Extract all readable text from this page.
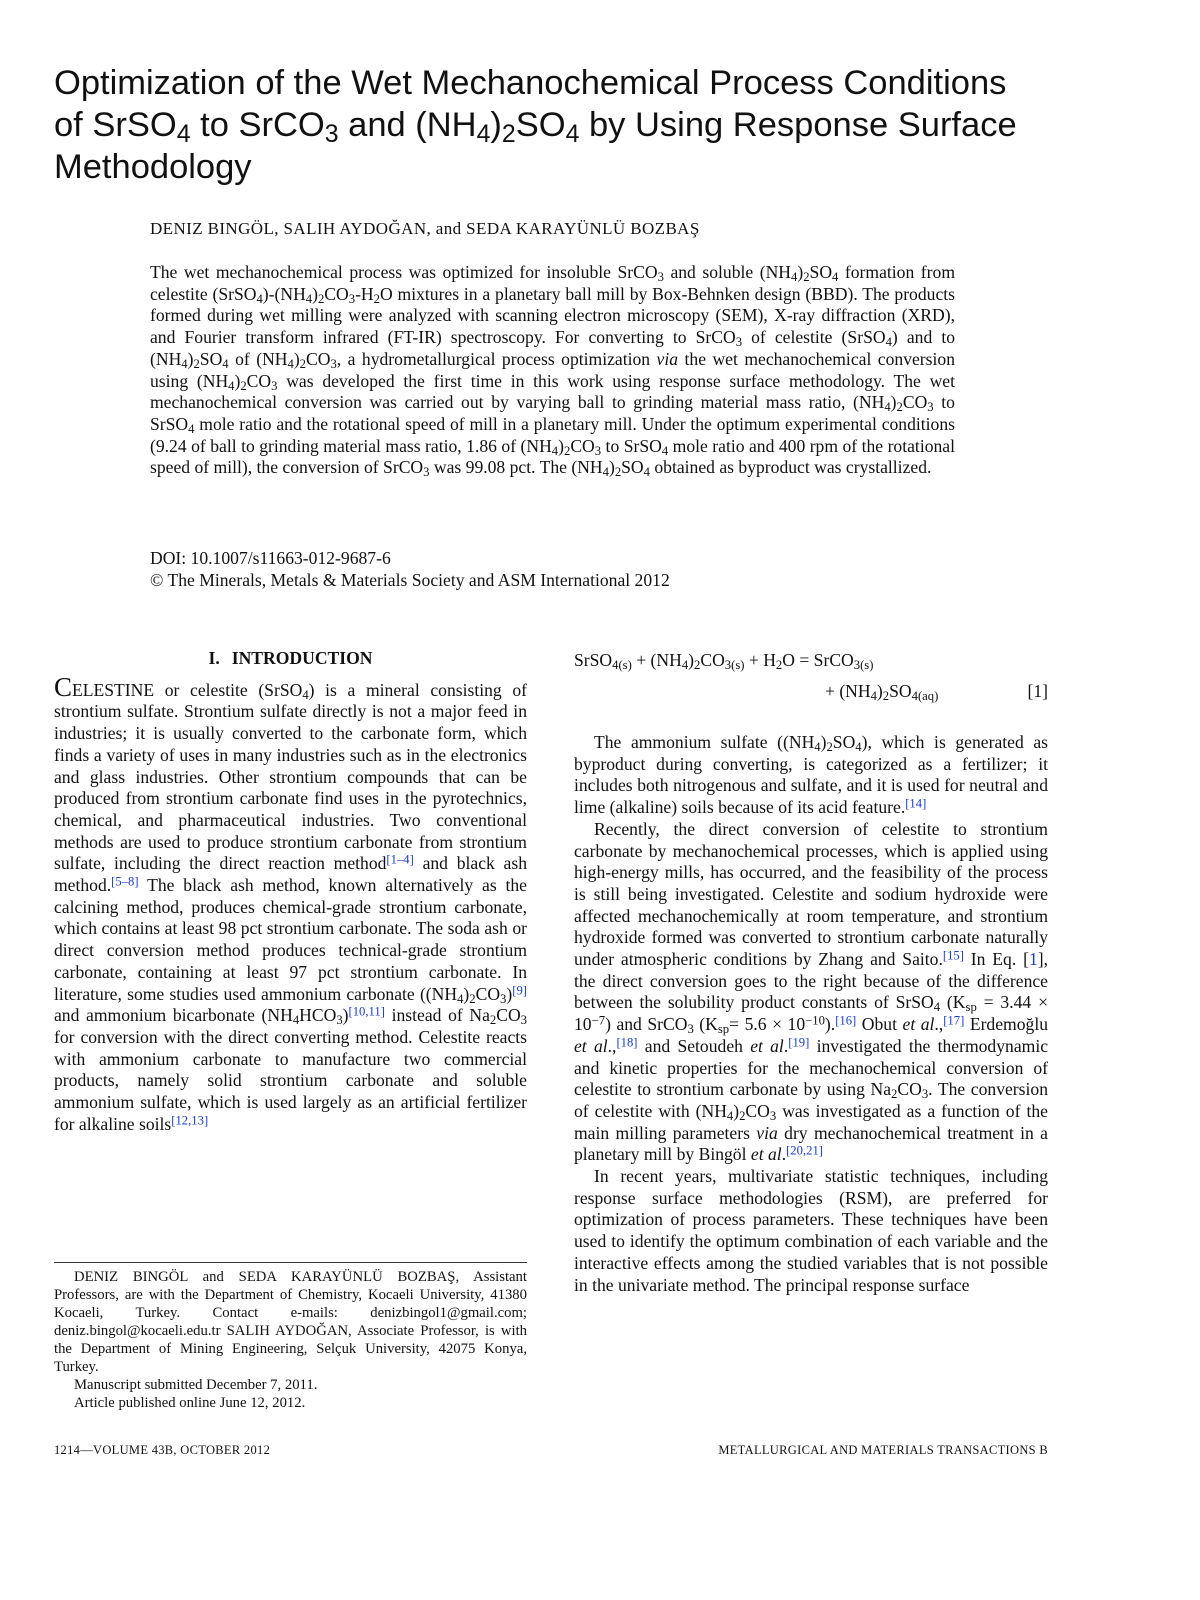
Optimization of the Wet Mechanochemical Process Conditions
of SrSO$_4$ to SrCO$_3$ and $(NH_4)_2SO_4$ by Using Response Surface
Methodology
DENIZ BINGÖL, SALIH AYDOĞAN, and SEDA KARAYÜNLÜ BOZBAŞ

The wet mechanochemical process was optimized for insoluble SrCO$_3$ and soluble $(NH_4)_2SO_4$ formation from celestite $(SrSO_4)-(NH_4)_2CO_3-H_2O$ mixtures in a planetary ball mill by Box-Behnken design (BBD). The products formed during wet milling were analyzed with scanning electron microscopy (SEM), X-ray diffraction (XRD), and Fourier transform infrared (FT-IR) spectroscopy. For converting to SrCO$_3$ of celestite (SrSO$_4$) and to $(NH_4)_2SO_4$ of $(NH_4)_2CO_3$, a hydrometallurgical process optimization via the wet mechanochemical conversion using $(NH_4)_2CO_3$ was developed the first time in this work using response surface methodology. The wet mechanochemical conversion was carried out by varying ball to grinding material mass ratio, $(NH_4)_2CO_3$ to SrSO$_4$ mole ratio and the rotational speed of mill in a planetary mill. Under the optimum experimental conditions (9.24 of ball to grinding material mass ratio, 1.86 of $(NH_4)_2CO_3$ to SrSO$_4$ mole ratio and 400 rpm of the rotational speed of mill), the conversion of SrCO$_3$ was 99.08 pct. The $(NH_4)_2SO_4$ obtained as byproduct was crystallized.

DOI: 10.1007/s11663-012-9687-6
© The Minerals, Metals & Materials Society and ASM International 2012
I. INTRODUCTION

CELESTINE or celestite (SrSO$_4$) is a mineral consisting of strontium sulfate. Strontium sulfate directly is not a major feed in industries; it is usually converted to the carbonate form, which finds a variety of uses in many industries such as in the electronics and glass industries. Other strontium compounds that can be produced from strontium carbonate find uses in the pyrotechnics, chemical, and pharmaceutical industries. Two conventional methods are used to produce strontium carbonate from strontium sulfate, including the direct reaction method[1–4] and black ash method.[5–8] The black ash method, known alternatively as the calcining method, produces chemical-grade strontium carbonate, which contains at least 98 pct strontium carbonate. The soda ash or direct conversion method produces technical-grade strontium carbonate, containing at least 97 pct strontium carbonate. In literature, some studies used ammonium carbonate $((NH_4)_2CO_3)[9]$ and ammonium bicarbonate $(NH_4HCO_3)[10,11]$ instead of $Na_2CO_3$ for conversion with the direct converting method. Celestite reacts with ammonium carbonate to manufacture two commercial products, namely solid strontium carbonate and soluble ammonium sulfate, which is used largely as an artificial fertilizer for alkaline soils[12,13]

DENIZ BINGÖL and SEDA KARAYÜNLÜ BOZBAŞ, Assistant Professors, are with the Department of Chemistry, Kocaeli University, 41380 Kocaeli, Turkey. Contact e-mails: denizbingol1@gmail.com; deniz.bingol@kocaeli.edu.tr SALIH AYDOĞAN, Associate Professor, is with the Department of Mining Engineering, Selçuk University, 42075 Konya, Turkey.

Manuscript submitted December 7, 2011.

Article published online June 12, 2012.

SrSO$_{4(s)}$ + $(NH_4)_2CO_{3(s)} + H_2O$ = SrCO$_{3(s)}$
+ $(NH_4)_2SO_{4(aq)}$	[1]

The ammonium sulfate $((NH_4)_2SO_4)$, which is generated as byproduct during converting, is categorized as a fertilizer; it includes both nitrogenous and sulfate, and it is used for neutral and lime (alkaline) soils because of its acid feature.[14]

Recently, the direct conversion of celestite to strontium carbonate by mechanochemical processes, which is applied using high-energy mills, has occurred, and the feasibility of the process is still being investigated. Celestite and sodium hydroxide were affected mechanochemically at room temperature, and strontium hydroxide formed was converted to strontium carbonate naturally under atmospheric conditions by Zhang and Saito.[15] In Eq. [1], the direct conversion goes to the right because of the difference between the solubility product constants of SrSO$_4$ $(K_{sp} = 3.44 \times 10^{-7})$ and SrCO$_3$ $(K_{sp}= 5.6 \times 10^{-10}).[16]$ Obut et al.,[17] Erdemoğlu et al.,[18] and Setoudeh et al.[19] investigated the thermodynamic and kinetic properties for the mechanochemical conversion of celestite to strontium carbonate by using $Na_2CO_3$. The conversion of celestite with $(NH_4)_2CO_3$ was investigated as a function of the main milling parameters via dry mechanochemical treatment in a planetary mill by Bingöl et al.[20,21]

In recent years, multivariate statistic techniques, including response surface methodologies (RSM), are preferred for optimization of process parameters. These techniques have been used to identify the optimum combination of each variable and the interactive effects among the studied variables that is not possible in the univariate method. The principal response surface

1214—VOLUME 43B, OCTOBER 2012	METALLURGICAL AND MATERIALS TRANSACTIONS B
